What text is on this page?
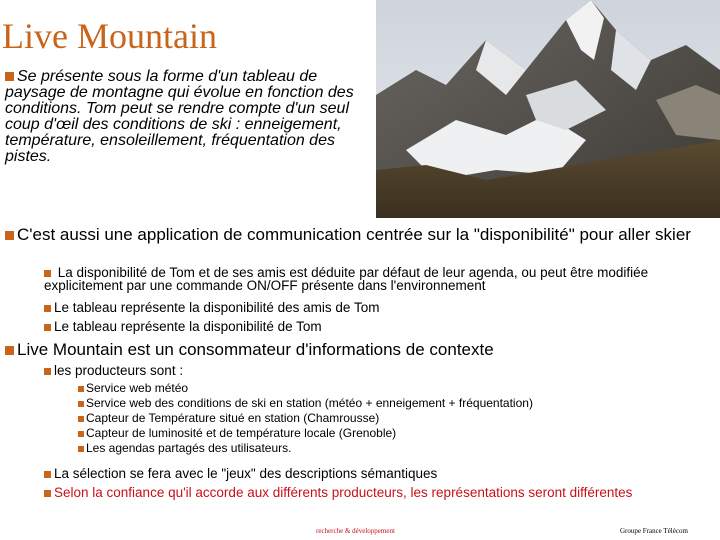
Live Mountain
Se présente sous la forme d'un tableau de paysage de montagne qui évolue en fonction des conditions. Tom peut se rendre compte d'un seul coup d'œil des conditions de ski : enneigement, température, ensoleillement, fréquentation des pistes.
C'est aussi une application de communication centrée sur la "disponibilité" pour aller skier
La disponibilité de Tom et de ses amis est déduite par défaut de leur agenda, ou peut être modifiée explicitement par une commande ON/OFF présente dans l'environnement
Le tableau représente la disponibilité des amis de Tom
Le tableau représente la disponibilité de Tom
Live Mountain est un consommateur d'informations de contexte
les producteurs sont :
Service web météo
Service web des conditions de ski en station (météo + enneigement + fréquentation)
Capteur de Température situé en station (Chamrousse)
Capteur de luminosité et de température locale (Grenoble)
Les agendas partagés des utilisateurs.
La sélection se fera avec le "jeux" des descriptions sémantiques
Selon la confiance qu'il accorde aux différents producteurs, les représentations seront différentes
recherche & développement	Groupe France Télécom
